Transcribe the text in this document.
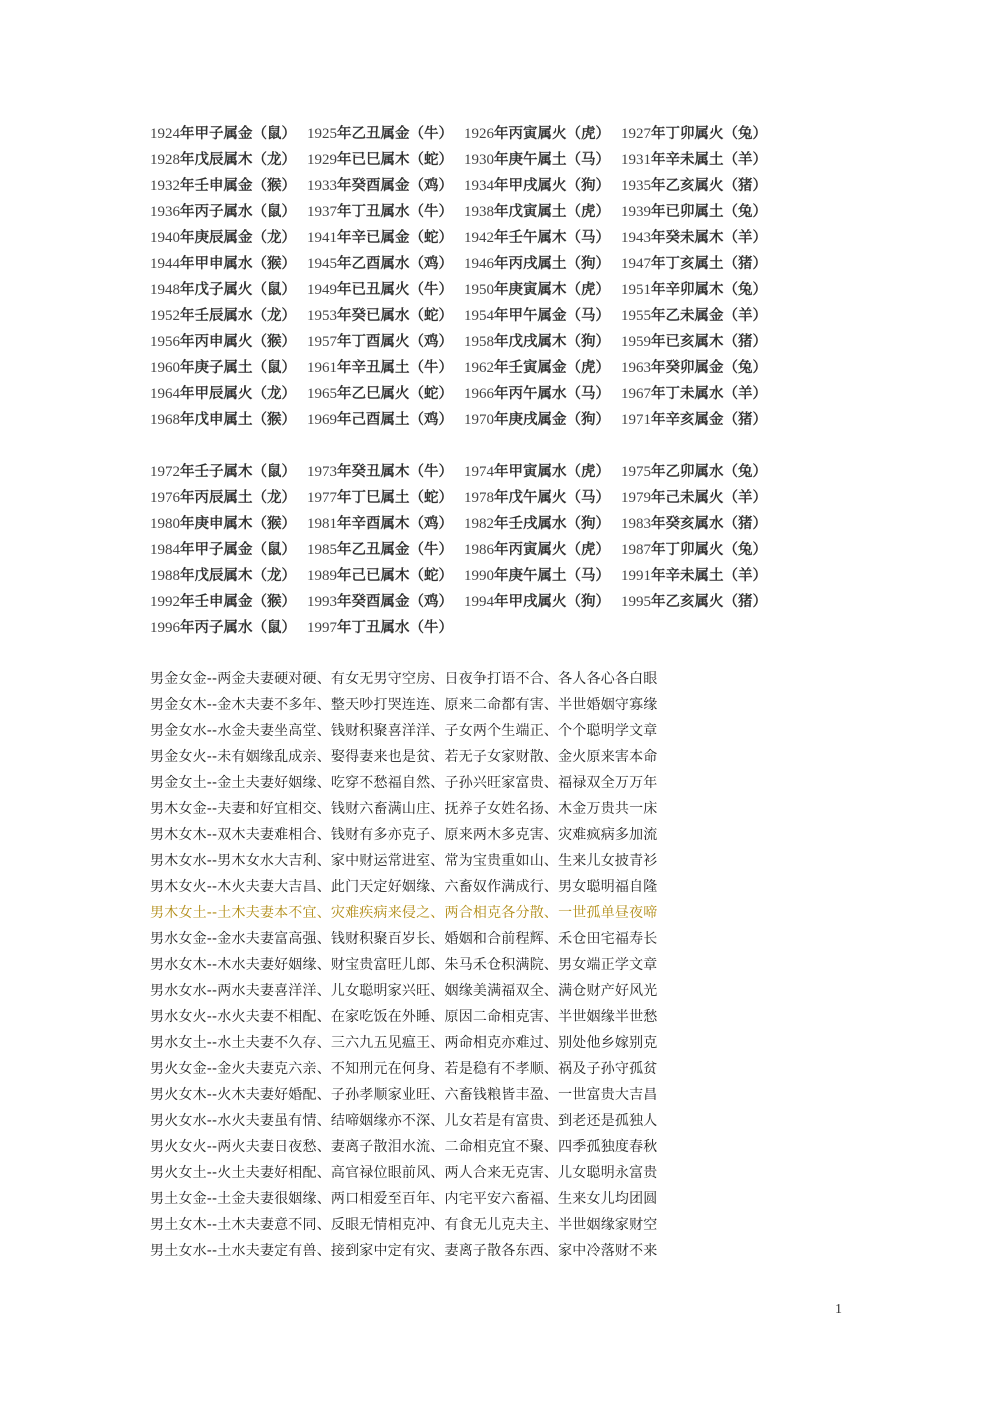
1924年甲子属金（鼠） 1925年乙丑属金（牛） 1926年丙寅属火（虎） 1927年丁卯属火（兔）
1928年戊辰属木（龙） 1929年已巳属木（蛇） 1930年庚午属土（马） 1931年辛未属土（羊）
1932年壬申属金（猴） 1933年癸酉属金（鸡） 1934年甲戌属火（狗） 1935年乙亥属火（猪）
1936年丙子属水（鼠） 1937年丁丑属水（牛） 1938年戊寅属土（虎） 1939年已卯属土（兔）
1940年庚辰属金（龙） 1941年辛已属金（蛇） 1942年壬午属木（马） 1943年癸未属木（羊）
1944年甲申属水（猴） 1945年乙酉属水（鸡） 1946年丙戌属土（狗） 1947年丁亥属土（猪）
1948年戊子属火（鼠） 1949年已丑属火（牛） 1950年庚寅属木（虎） 1951年辛卯属木（兔）
1952年壬辰属水（龙） 1953年癸已属水（蛇） 1954年甲午属金（马） 1955年乙未属金（羊）
1956年丙申属火（猴） 1957年丁酉属火（鸡） 1958年戊戌属木（狗） 1959年已亥属木（猪）
1960年庚子属土（鼠） 1961年辛丑属土（牛） 1962年壬寅属金（虎） 1963年癸卯属金（兔）
1964年甲辰属火（龙） 1965年乙巳属火（蛇） 1966年丙午属水（马） 1967年丁未属水（羊）
1968年戊申属土（猴） 1969年己酉属土（鸡） 1970年庚戌属金（狗） 1971年辛亥属金（猪）
1972年壬子属木（鼠） 1973年癸丑属木（牛） 1974年甲寅属水（虎） 1975年乙卯属水（兔）
1976年丙辰属土（龙） 1977年丁巳属土（蛇） 1978年戊午属火（马） 1979年己未属火（羊）
1980年庚申属木（猴） 1981年辛酉属木（鸡） 1982年壬戌属水（狗） 1983年癸亥属水（猪）
1984年甲子属金（鼠） 1985年乙丑属金（牛） 1986年丙寅属火（虎） 1987年丁卯属火（兔）
1988年戊辰属木（龙） 1989年己已属木（蛇） 1990年庚午属土（马） 1991年辛未属土（羊）
1992年壬申属金（猴） 1993年癸酉属金（鸡） 1994年甲戌属火（狗） 1995年乙亥属火（猪）
1996年丙子属水（鼠） 1997年丁丑属水（牛）
男金女金--两金夫妻硬对硬、有女无男守空房、日夜争打语不合、各人各心各白眼
男金女木--金木夫妻不多年、整天吵打哭连连、原来二命都有害、半世婚姻守寡缘
男金女水--水金夫妻坐高堂、钱财积聚喜洋洋、子女两个生端正、个个聪明学文章
男金女火--未有姻缘乱成亲、娶得妻来也是贫、若无子女家财散、金火原来害本命
男金女土--金土夫妻好姻缘、吃穿不愁福自然、子孙兴旺家富贵、福禄双全万万年
男木女金--夫妻和好宜相交、钱财六畜满山庄、抚养子女姓名扬、木金万贵共一床
男木女木--双木夫妻难相合、钱财有多亦克子、原来两木多克害、灾难疯病多加流
男木女水--男木女水大吉利、家中财运常进室、常为宝贵重如山、生来儿女披青衫
男木女火--木火夫妻大吉昌、此门天定好姻缘、六畜奴作满成行、男女聪明福自隆
男木女土--土木夫妻本不宜、灾难疾病来侵之、两合相克各分散、一世孤单昼夜啼
男水女金--金水夫妻富高强、钱财积聚百岁长、婚姻和合前程辉、禾仓田宅福寿长
男水女木--木水夫妻好姻缘、财宝贵富旺儿郎、朱马禾仓积满院、男女端正学文章
男水女水--两水夫妻喜洋洋、儿女聪明家兴旺、姻缘美满福双全、满仓财产好风光
男水女火--水火夫妻不相配、在家吃饭在外睡、原因二命相克害、半世姻缘半世愁
男水女土--水土夫妻不久存、三六九五见瘟王、两命相克亦难过、别处他乡嫁别克
男火女金--金火夫妻克六亲、不知刑元在何身、若是稳有不孝顺、祸及子孙守孤贫
男火女木--火木夫妻好婚配、子孙孝顺家业旺、六畜钱粮皆丰盈、一世富贵大吉昌
男火女水--水火夫妻虽有情、结啼姻缘亦不深、儿女若是有富贵、到老还是孤独人
男火女火--两火夫妻日夜愁、妻离子散泪水流、二命相克宜不聚、四季孤独度春秋
男火女土--火土夫妻好相配、高官禄位眼前风、两人合来无克害、儿女聪明永富贵
男土女金--土金夫妻很姻缘、两口相爱至百年、内宅平安六畜福、生来女儿均团圆
男土女木--土木夫妻意不同、反眼无情相克冲、有食无儿克夫主、半世姻缘家财空
男土女水--土水夫妻定有兽、接到家中定有灾、妻离子散各东西、家中冷落财不来
1
